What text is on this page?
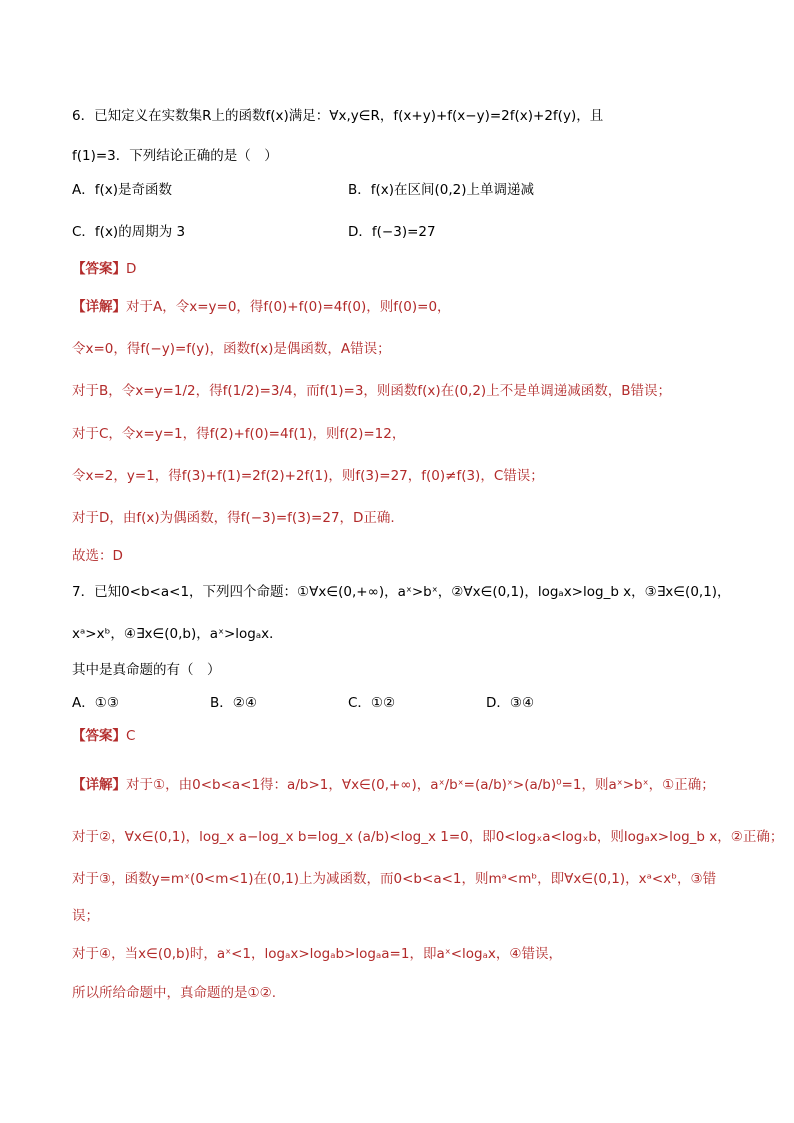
6．已知定义在实数集R上的函数f(x)满足：∀x,y∈R，f(x+y)+f(x−y)=2f(x)+2f(y)，且
f(1)=3．下列结论正确的是（　）
A．f(x)是奇函数	B．f(x)在区间(0,2)上单调递减
C．f(x)的周期为 3	D．f(−3)=27
【答案】D
【详解】对于A，令x=y=0，得f(0)+f(0)=4f(0)，则f(0)=0，
令x=0，得f(−y)=f(y)，函数f(x)是偶函数，A错误；
对于B，令x=y=1/2，得f(1/2)=3/4，而f(1)=3，则函数f(x)在(0,2)上不是单调递减函数，B错误；
对于C，令x=y=1，得f(2)+f(0)=4f(1)，则f(2)=12，
令x=2，y=1，得f(3)+f(1)=2f(2)+2f(1)，则f(3)=27，f(0)≠f(3)，C错误；
对于D，由f(x)为偶函数，得f(−3)=f(3)=27，D正确.
故选：D
7．已知0<b<a<1，下列四个命题：①∀x∈(0,+∞)，aˣ>bˣ，②∀x∈(0,1)，logₐx>log_b x，③∃x∈(0,1)，
xᵃ>xᵇ，④∃x∈(0,b)，aˣ>logₐx．
其中是真命题的有（　）
A．①③	B．②④	C．①②	D．③④
【答案】C
【详解】对于①，由0<b<a<1得：a/b>1，∀x∈(0,+∞)，aˣ/bˣ=(a/b)ˣ>(a/b)⁰=1，则aˣ>bˣ，①正确；
对于②，∀x∈(0,1)，log_x a−log_x b=log_x (a/b)<log_x 1=0，即0<logₓa<logₓb，则logₐx>log_b x，②正确；
对于③，函数y=mˣ(0<m<1)在(0,1)上为减函数，而0<b<a<1，则mᵃ<mᵇ，即∀x∈(0,1)，xᵃ<xᵇ，③错
误；
对于④，当x∈(0,b)时，aˣ<1，logₐx>logₐb>logₐa=1，即aˣ<logₐx，④错误，
所以所给命题中，真命题的是①②.
